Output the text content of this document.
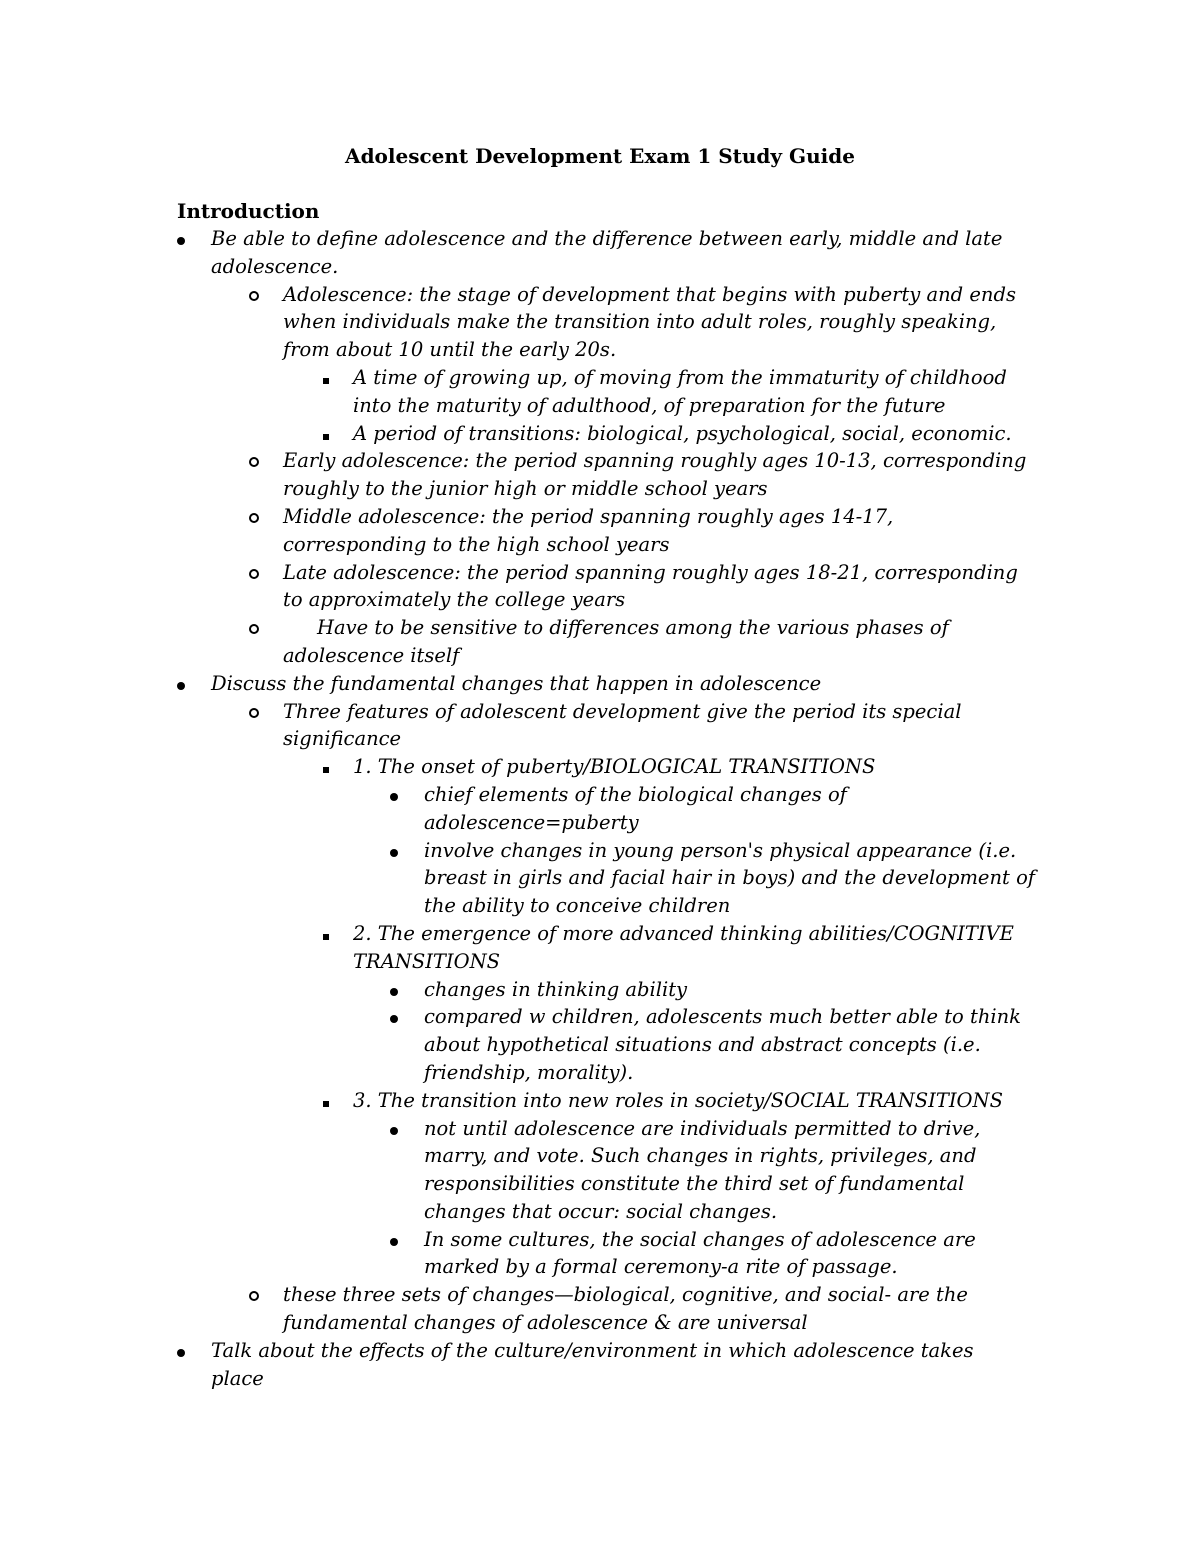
Adolescent Development Exam 1 Study Guide
Introduction

Be able to define adolescence and the difference between early, middle and late adolescence.

Adolescence: the stage of development that begins with puberty and ends when individuals make the transition into adult roles, roughly speaking, from about 10 until the early 20s.

A time of growing up, of moving from the immaturity of childhood into the maturity of adulthood, of preparation for the future

A period of transitions: biological, psychological, social, economic.

Early adolescence: the period spanning roughly ages 10-13, corresponding roughly to the junior high or middle school years

Middle adolescence: the period spanning roughly ages 14-17, corresponding to the high school years

Late adolescence: the period spanning roughly ages 18-21, corresponding to approximately the college years

Have to be sensitive to differences among the various phases of adolescence itself

Discuss the fundamental changes that happen in adolescence

Three features of adolescent development give the period its special significance

1. The onset of puberty/BIOLOGICAL TRANSITIONS

chief elements of the biological changes of adolescence=puberty

involve changes in young person's physical appearance (i.e. breast in girls and facial hair in boys) and the development of the ability to conceive children

2. The emergence of more advanced thinking abilities/COGNITIVE TRANSITIONS

changes in thinking ability

compared w children, adolescents much better able to think about hypothetical situations and abstract concepts (i.e. friendship, morality).

3. The transition into new roles in society/SOCIAL TRANSITIONS

not until adolescence are individuals permitted to drive, marry, and vote. Such changes in rights, privileges, and responsibilities constitute the third set of fundamental changes that occur: social changes.

In some cultures, the social changes of adolescence are marked by a formal ceremony-a rite of passage.

these three sets of changes—biological, cognitive, and social- are the fundamental changes of adolescence & are universal

Talk about the effects of the culture/environment in which adolescence takes place
